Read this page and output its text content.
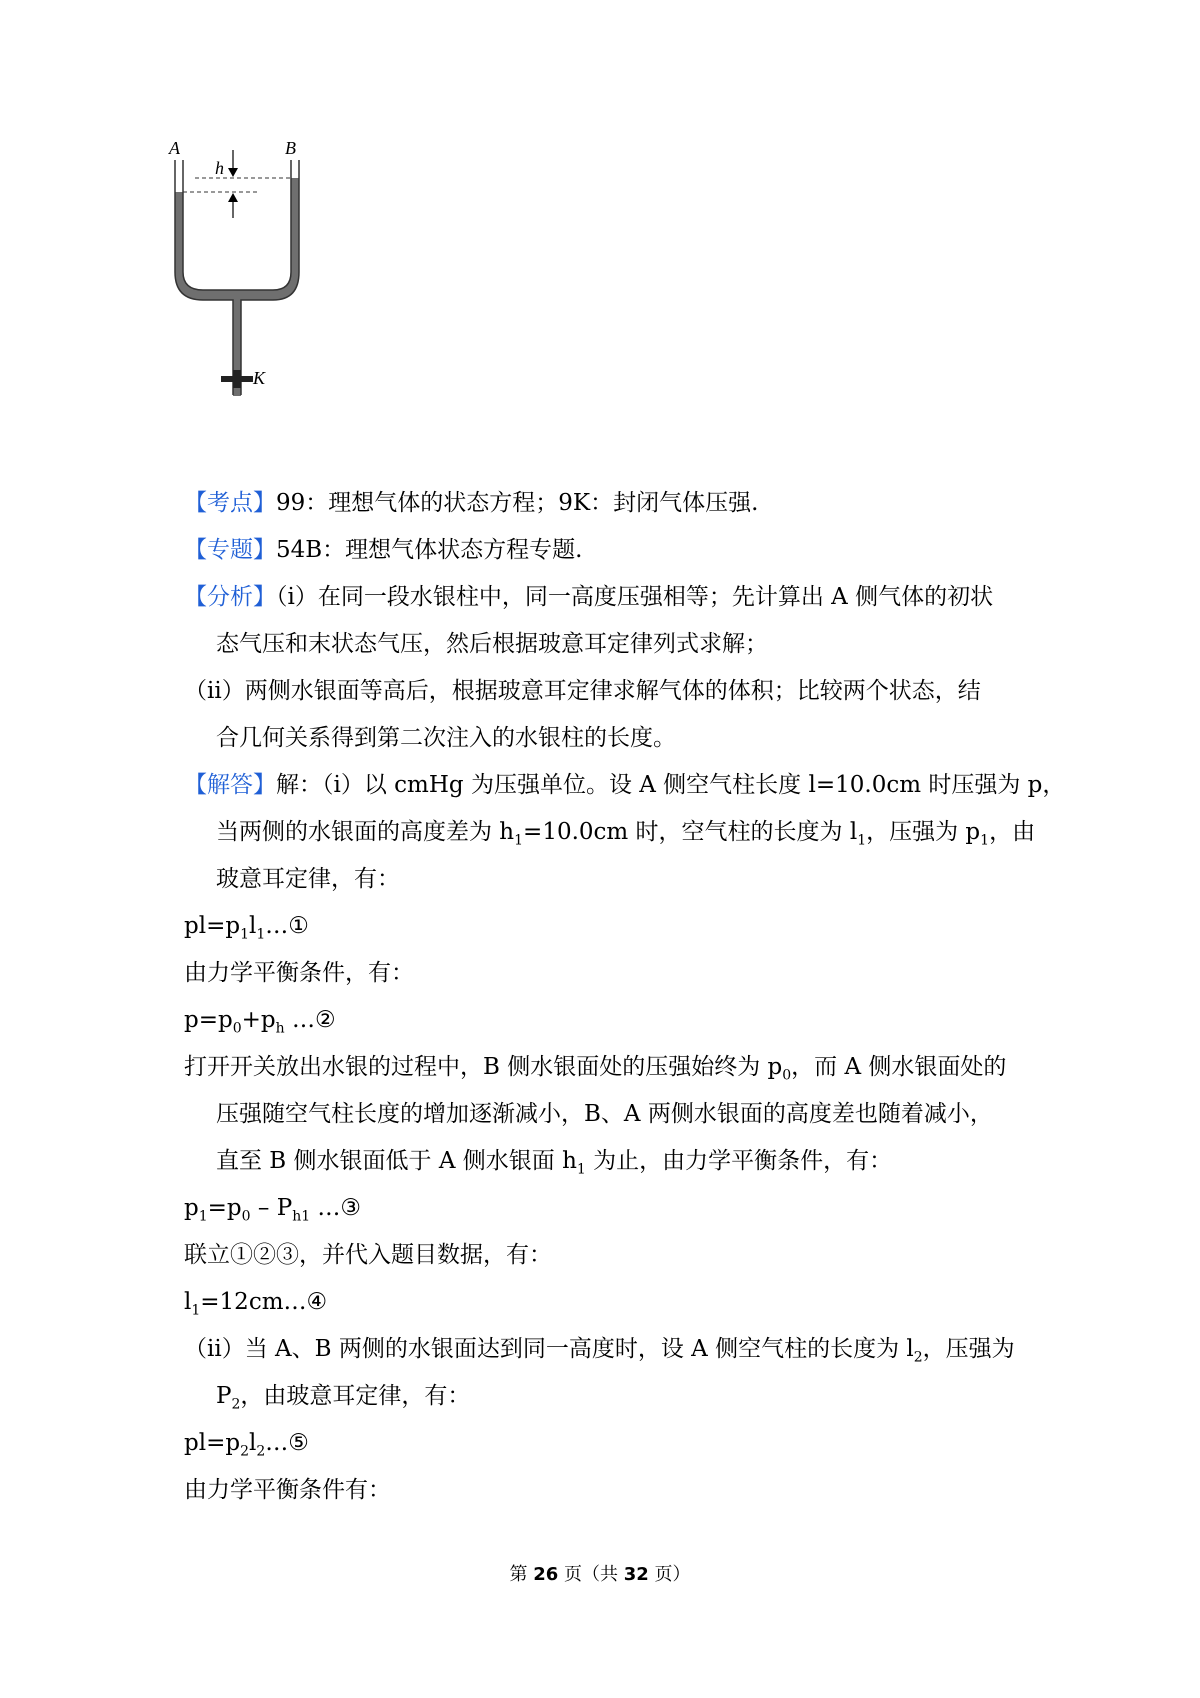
A	B
h
K

【考点】99：理想气体的状态方程；9K：封闭气体压强.

【专题】54B：理想气体状态方程专题.

【分析】（i）在同一段水银柱中，同一高度压强相等；先计算出 A 侧气体的初状

态气压和末状态气压，然后根据玻意耳定律列式求解；

（ii）两侧水银面等高后，根据玻意耳定律求解气体的体积；比较两个状态，结

合几何关系得到第二次注入的水银柱的长度。

【解答】解：（i）以 cmHg 为压强单位。设 A 侧空气柱长度 l=10.0cm 时压强为 p，

当两侧的水银面的高度差为 $h_1=10.0cm$ 时，空气柱的长度为 $l_1$，压强为 $p_1$，由

玻意耳定律，有：

$pl=p_1l_1\dots ①$

由力学平衡条件，有：

$p=p_0+p_h$ …②

打开开关放出水银的过程中，B 侧水银面处的压强始终为 $p_0$，而 A 侧水银面处的

压强随空气柱长度的增加逐渐减小，B、A 两侧水银面的高度差也随着减小，

直至 B 侧水银面低于 A 侧水银面 $h_1$ 为止，由力学平衡条件，有：

$p_1=p_0 - P_{h1}$ …③

联立①②③，并代入题目数据，有：

$l_1=12cm\dots ④$

（ii）当 A、B 两侧的水银面达到同一高度时，设 A 侧空气柱的长度为 $l_2$，压强为

$P_2$，由玻意耳定律，有：

$pl=p_2l_2\dots ⑤$

由力学平衡条件有：

第 26 页（共 32 页）
